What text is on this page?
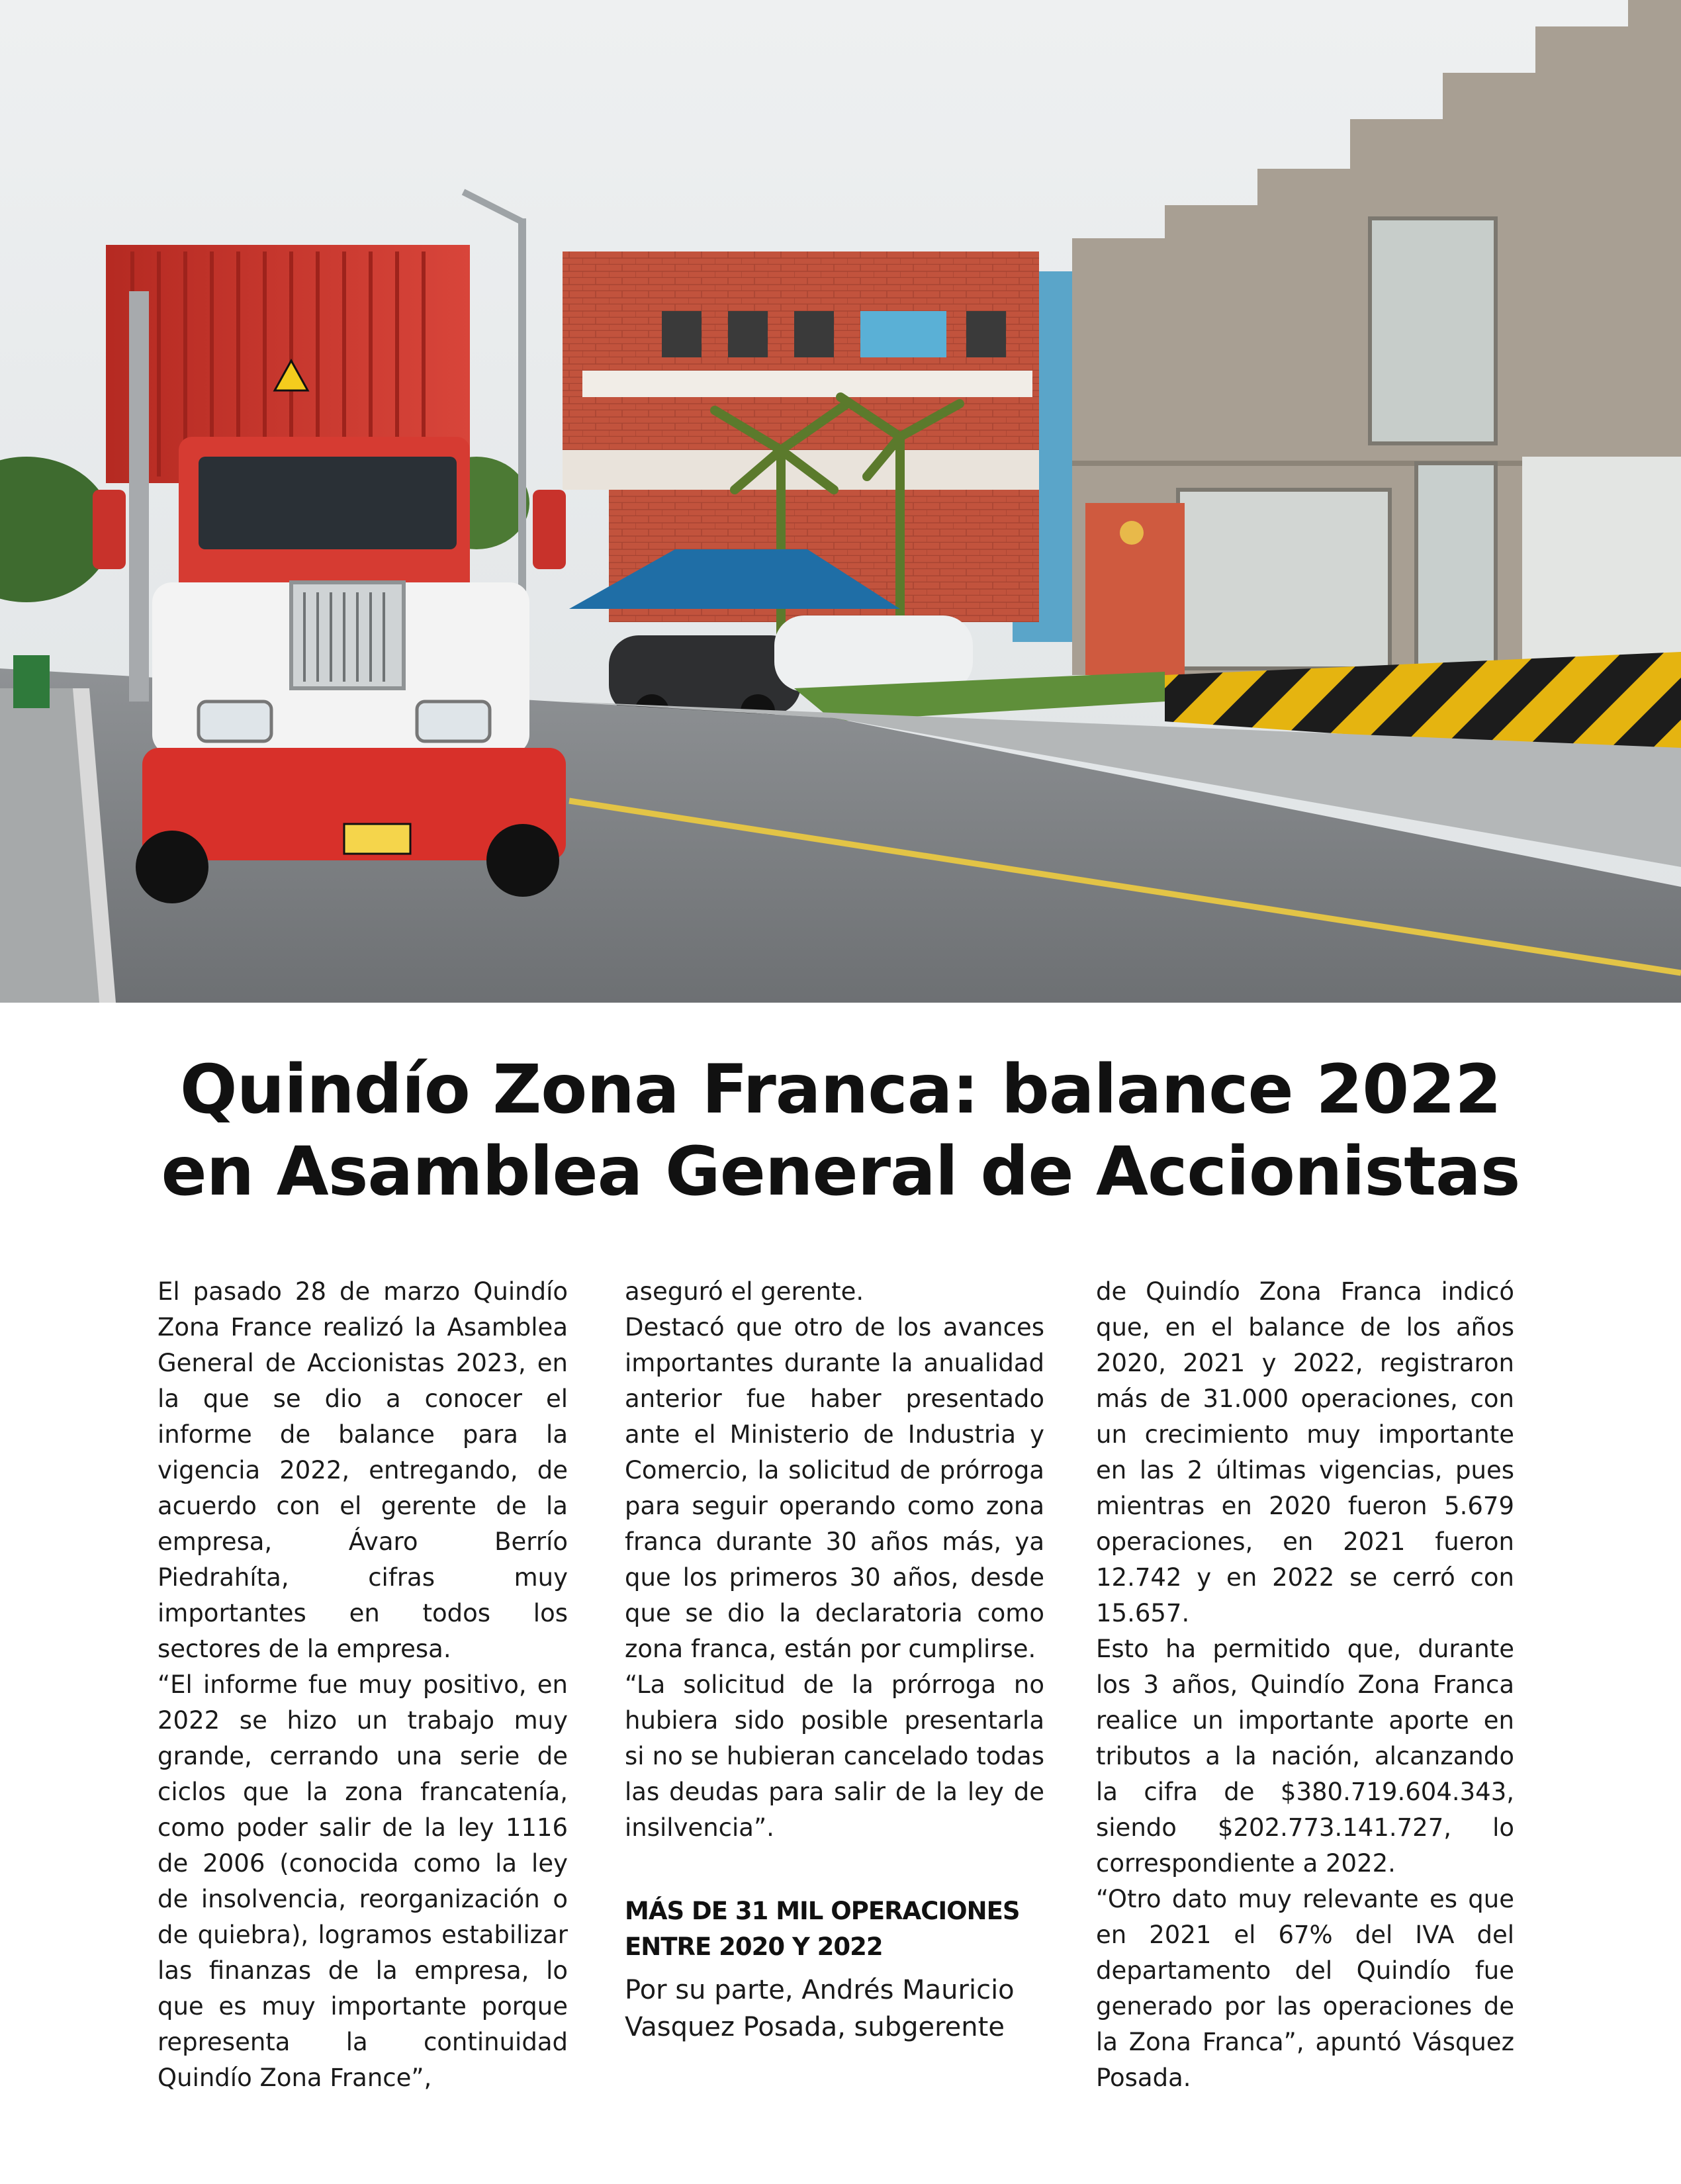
Quindío Zona Franca: balance 2022
en Asamblea General de Accionistas

El pasado 28 de marzo Quindío Zona France realizó la Asamblea General de Accionistas 2023, en la que se dio a conocer el informe de balance para la vigencia 2022, entregando, de acuerdo con el gerente de la empresa, Ávaro Berrío Piedrahíta, cifras muy importantes en todos los sectores de la empresa.

“El informe fue muy positivo, en 2022 se hizo un trabajo muy grande, cerrando una serie de ciclos que la zona francatenía, como poder salir de la ley 1116 de 2006 (conocida como la ley de insolvencia, reorganización o de quiebra), logramos estabilizar las finanzas de la empresa, lo que es muy importante porque representa la continuidad Quindío Zona France”,

aseguró el gerente.

Destacó que otro de los avances importantes durante la anualidad anterior fue haber presentado ante el Ministerio de Industria y Comercio, la solicitud de prórroga para seguir operando como zona franca durante 30 años más, ya que los primeros 30 años, desde que se dio la declaratoria como zona franca, están por cumplirse.

“La solicitud de la prórroga no hubiera sido posible presentarla si no se hubieran cancelado todas las deudas para salir de la ley de insilvencia”.

MÁS DE 31 MIL OPERACIONES ENTRE 2020 Y 2022

Por su parte, Andrés Mauricio Vasquez Posada, subgerente

de Quindío Zona Franca indicó que, en el balance de los años 2020, 2021 y 2022, registraron más de 31.000 operaciones, con un crecimiento muy importante en las 2 últimas vigencias, pues mientras en 2020 fueron 5.679 operaciones, en 2021 fueron 12.742 y en 2022 se cerró con 15.657.

Esto ha permitido que, durante los 3 años, Quindío Zona Franca realice un importante aporte en tributos a la nación, alcanzando la cifra de $380.719.604.343, siendo $202.773.141.727, lo correspondiente a 2022.

“Otro dato muy relevante es que en 2021 el 67% del IVA del departamento del Quindío fue generado por las operaciones de la Zona Franca”, apuntó Vásquez Posada.
